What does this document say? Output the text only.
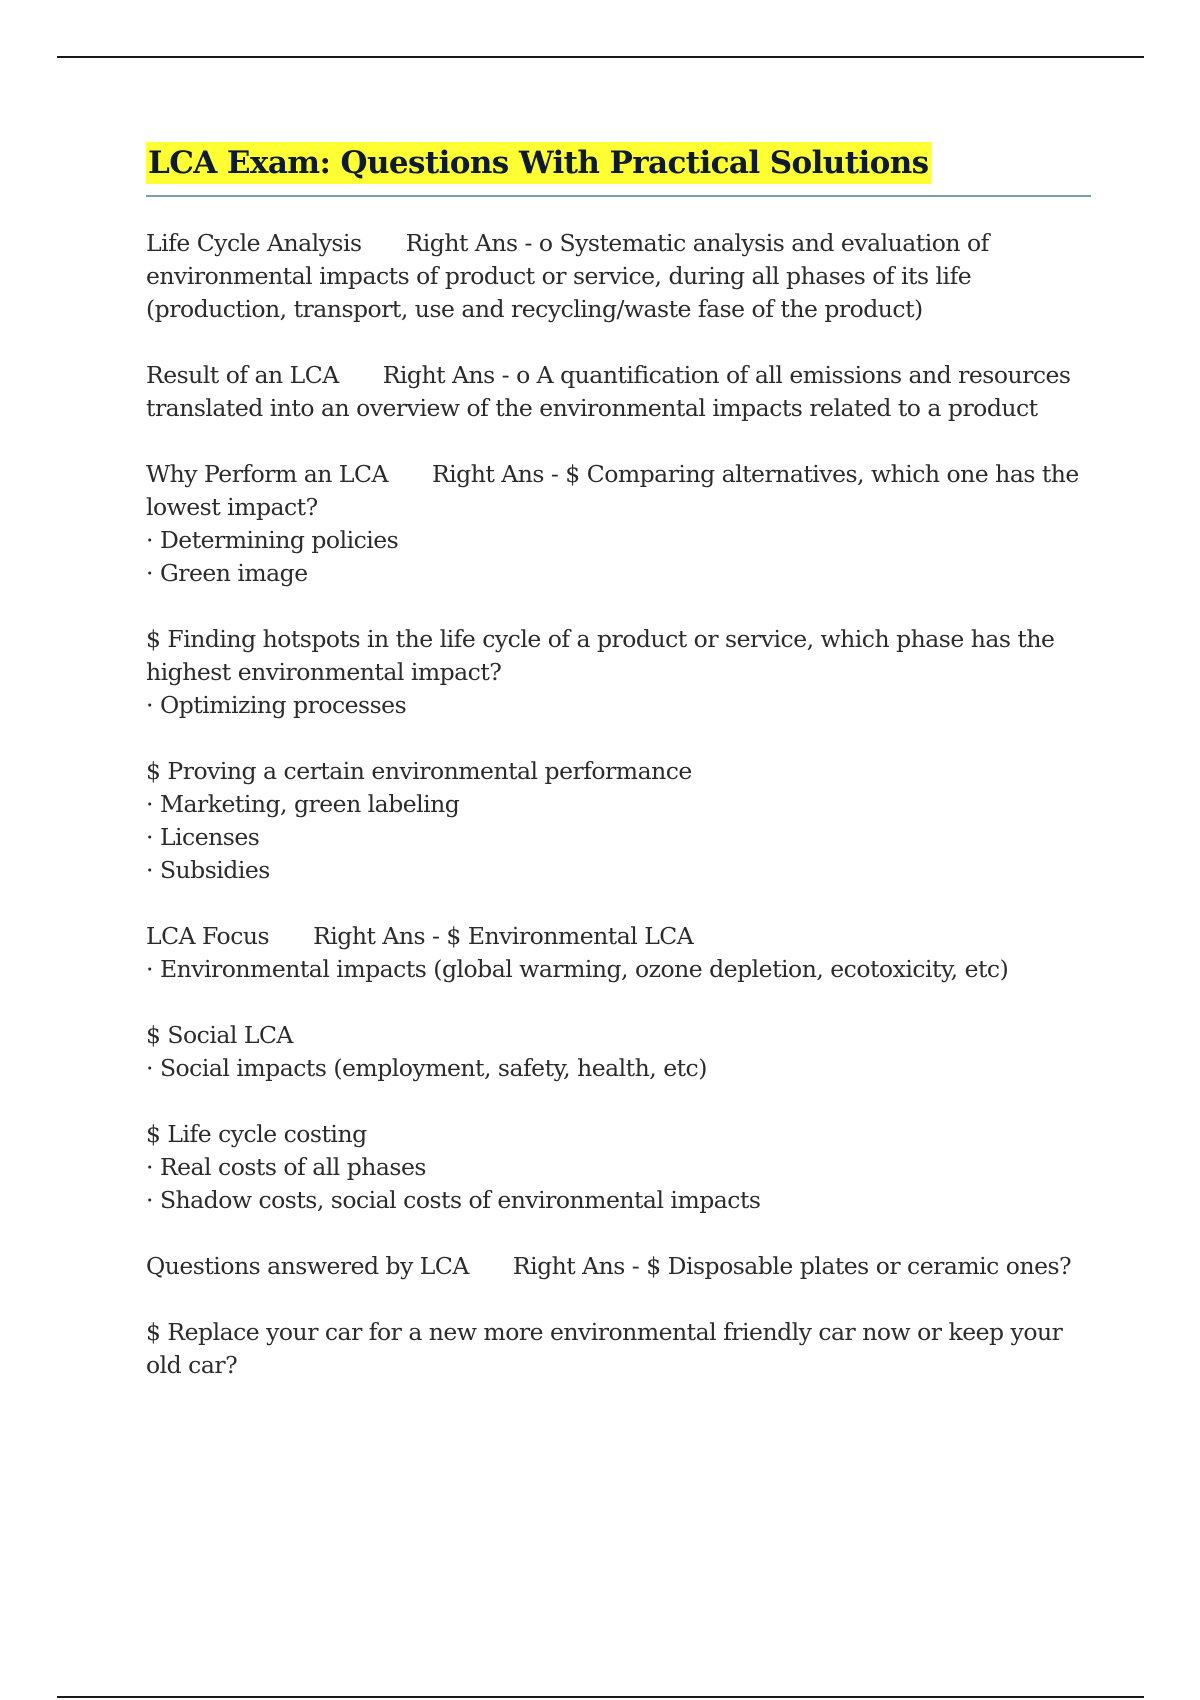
LCA Exam: Questions With Practical Solutions
Life Cycle Analysis Right Ans - o Systematic analysis and evaluation of environmental impacts of product or service, during all phases of its life (production, transport, use and recycling/waste fase of the product)
Result of an LCA Right Ans - o A quantification of all emissions and resources translated into an overview of the environmental impacts related to a product
Why Perform an LCA Right Ans - $ Comparing alternatives, which one has the lowest impact?
· Determining policies
· Green image
$ Finding hotspots in the life cycle of a product or service, which phase has the highest environmental impact?
· Optimizing processes
$ Proving a certain environmental performance
· Marketing, green labeling
· Licenses
· Subsidies
LCA Focus Right Ans - $ Environmental LCA
· Environmental impacts (global warming, ozone depletion, ecotoxicity, etc)
$ Social LCA
· Social impacts (employment, safety, health, etc)
$ Life cycle costing
· Real costs of all phases
· Shadow costs, social costs of environmental impacts
Questions answered by LCA Right Ans - $ Disposable plates or ceramic ones?
$ Replace your car for a new more environmental friendly car now or keep your old car?
